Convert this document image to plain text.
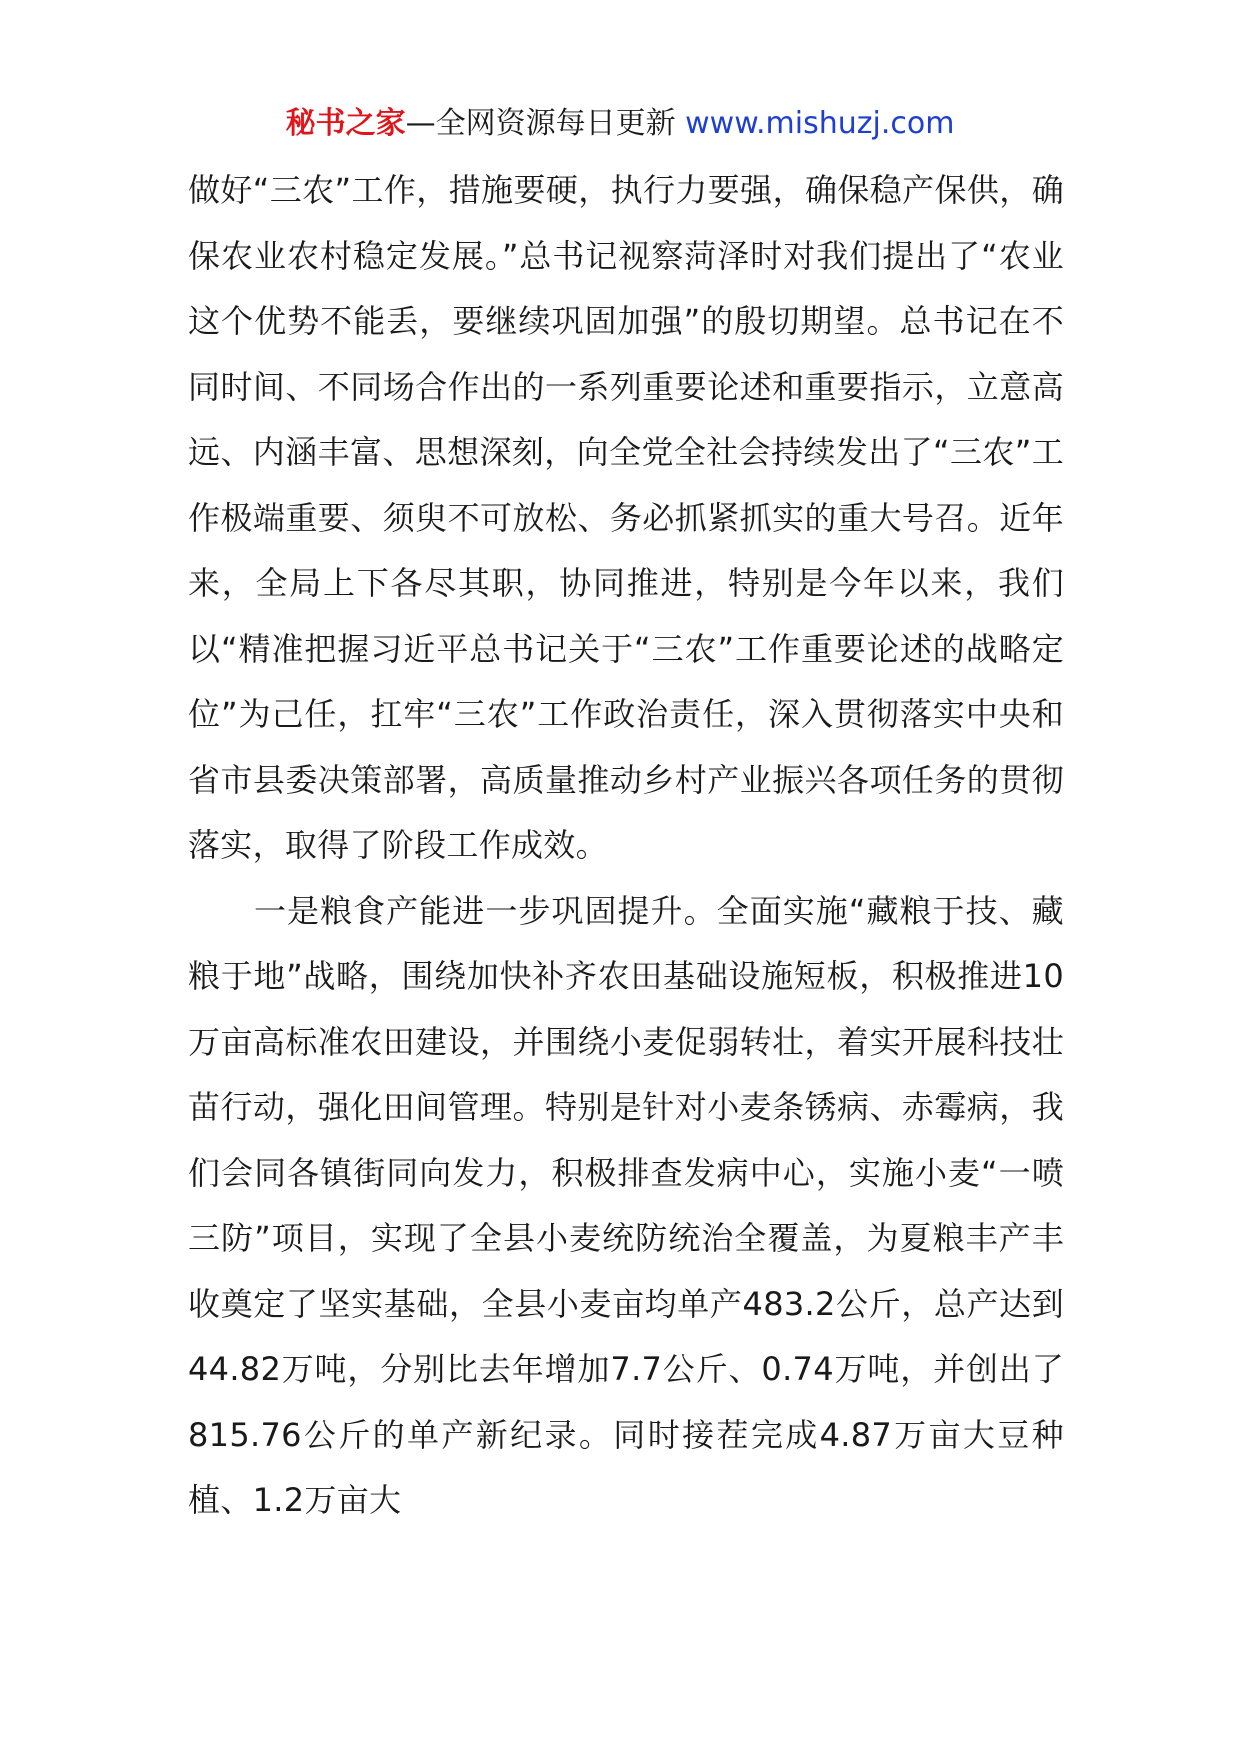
秘书之家—全网资源每日更新 www.mishuzj.com

做好“三农”工作，措施要硬，执行力要强，确保稳产保供，确保农业农村稳定发展。”总书记视察菏泽时对我们提出了“农业这个优势不能丢，要继续巩固加强”的殷切期望。总书记在不同时间、不同场合作出的一系列重要论述和重要指示，立意高远、内涵丰富、思想深刻，向全党全社会持续发出了“三农”工作极端重要、须臾不可放松、务必抓紧抓实的重大号召。近年来，全局上下各尽其职，协同推进，特别是今年以来，我们以“精准把握习近平总书记关于“三农”工作重要论述的战略定位”为己任，扛牢“三农”工作政治责任，深入贯彻落实中央和省市县委决策部署，高质量推动乡村产业振兴各项任务的贯彻落实，取得了阶段工作成效。

一是粮食产能进一步巩固提升。全面实施“藏粮于技、藏粮于地”战略，围绕加快补齐农田基础设施短板，积极推进10万亩高标准农田建设，并围绕小麦促弱转壮，着实开展科技壮苗行动，强化田间管理。特别是针对小麦条锈病、赤霉病，我们会同各镇街同向发力，积极排查发病中心，实施小麦“一喷三防”项目，实现了全县小麦统防统治全覆盖，为夏粮丰产丰收奠定了坚实基础，全县小麦亩均单产483.2公斤，总产达到44.82万吨，分别比去年增加7.7公斤、0.74万吨，并创出了815.76公斤的单产新纪录。同时接茬完成4.87万亩大豆种植、1.2万亩大
